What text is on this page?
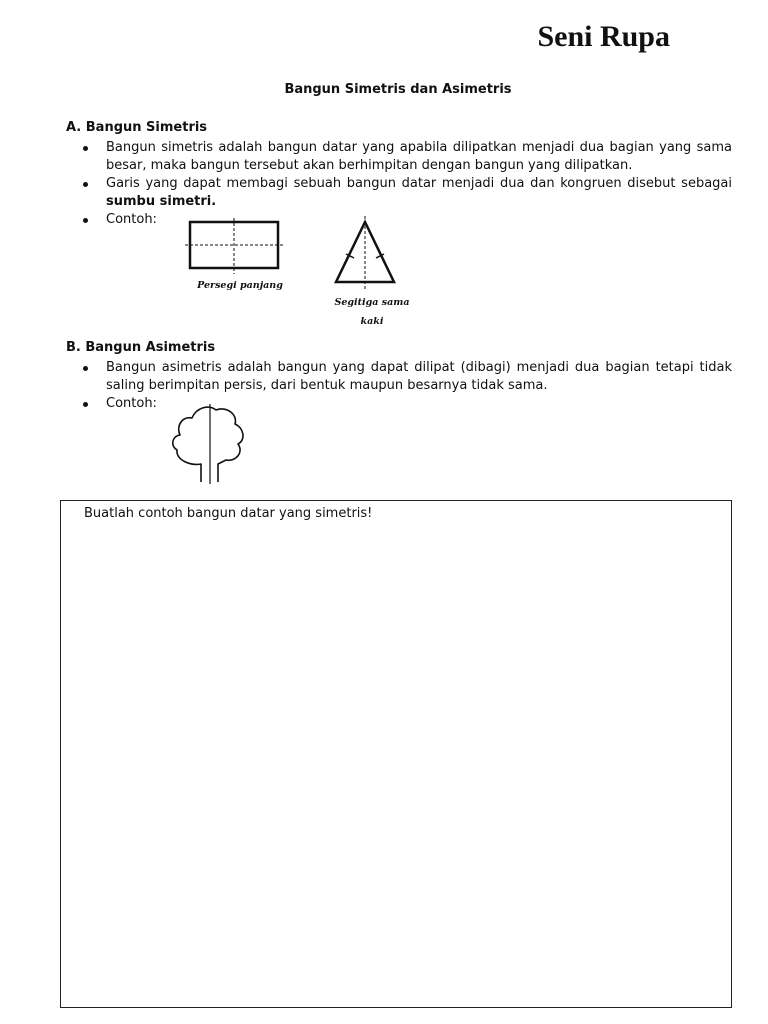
Seni Rupa
Bangun Simetris dan Asimetris

A. Bangun Simetris

Bangun simetris adalah bangun datar yang apabila dilipatkan menjadi dua bagian yang sama besar, maka bangun tersebut akan berhimpitan dengan bangun yang dilipatkan.
Garis yang dapat membagi sebuah bangun datar menjadi dua dan kongruen disebut sebagai sumbu simetri.
Contoh:
Persegi panjang
Segitiga sama
kaki

B. Bangun Asimetris

Bangun asimetris adalah bangun yang dapat dilipat (dibagi) menjadi dua bagian tetapi tidak saling berimpitan persis, dari bentuk maupun besarnya tidak sama.
Contoh:

Buatlah contoh bangun datar yang simetris!
